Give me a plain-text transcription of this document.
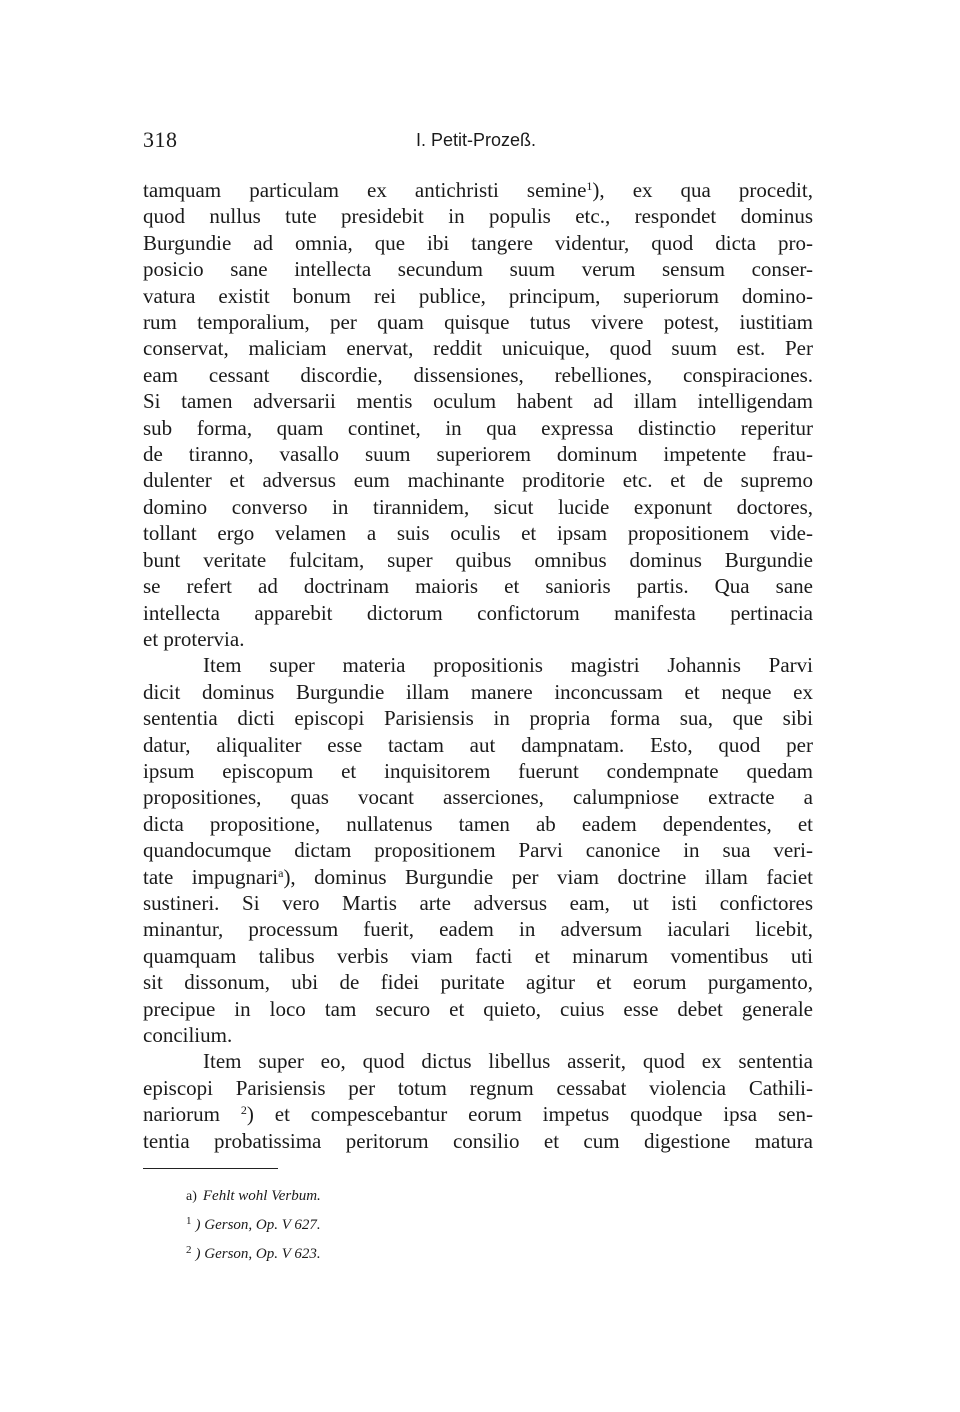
318	I. Petit-Prozeß.
tamquam particulam ex antichristi semine$^1$), ex qua procedit,
quod nullus tute presidebit in populis etc., respondet dominus
Burgundie ad omnia, que ibi tangere videntur, quod dicta pro-
posicio sane intellecta secundum suum verum sensum conser-
vatura existit bonum rei publice, principum, superiorum domino-
rum temporalium, per quam quisque tutus vivere potest, iustitiam
conservat, maliciam enervat, reddit unicuique, quod suum est. Per
eam cessant discordie, dissensiones, rebelliones, conspiraciones.
Si tamen adversarii mentis oculum habent ad illam intelligendam
sub forma, quam continet, in qua expressa distinctio reperitur
de tiranno, vasallo suum superiorem dominum impetente frau-
dulenter et adversus eum machinante proditorie etc. et de supremo
domino converso in tirannidem, sicut lucide exponunt doctores,
tollant ergo velamen a suis oculis et ipsam propositionem vide-
bunt veritate fulcitam, super quibus omnibus dominus Burgundie
se refert ad doctrinam maioris et sanioris partis. Qua sane
intellecta apparebit dictorum confictorum manifesta pertinacia
et protervia.
Item super materia propositionis magistri Johannis Parvi
dicit dominus Burgundie illam manere inconcussam et neque ex
sententia dicti episcopi Parisiensis in propria forma sua, que sibi
datur, aliqualiter esse tactam aut dampnatam. Esto, quod per
ipsum episcopum et inquisitorem fuerunt condempnate quedam
propositiones, quas vocant asserciones, calumpniose extracte a
dicta propositione, nullatenus tamen ab eadem dependentes, et
quandocumque dictam propositionem Parvi canonice in sua veri-
tate impugnari$^a$), dominus Burgundie per viam doctrine illam faciet
sustineri. Si vero Martis arte adversus eam, ut isti confictores
minantur, processum fuerit, eadem in adversum iaculari licebit,
quamquam talibus verbis viam facti et minarum vomentibus uti
sit dissonum, ubi de fidei puritate agitur et eorum purgamento,
precipue in loco tam securo et quieto, cuius esse debet generale
concilium.
Item super eo, quod dictus libellus asserit, quod ex sententia
episcopi Parisiensis per totum regnum cessabat violencia Cathili-
nariorum $^2$) et compescebantur eorum impetus quodque ipsa sen-
tentia probatissima peritorum consilio et cum digestione matura
a) Fehlt wohl Verbum.
$^1$ ) Gerson, Op. V 627.
$^2$ ) Gerson, Op. V 623.
